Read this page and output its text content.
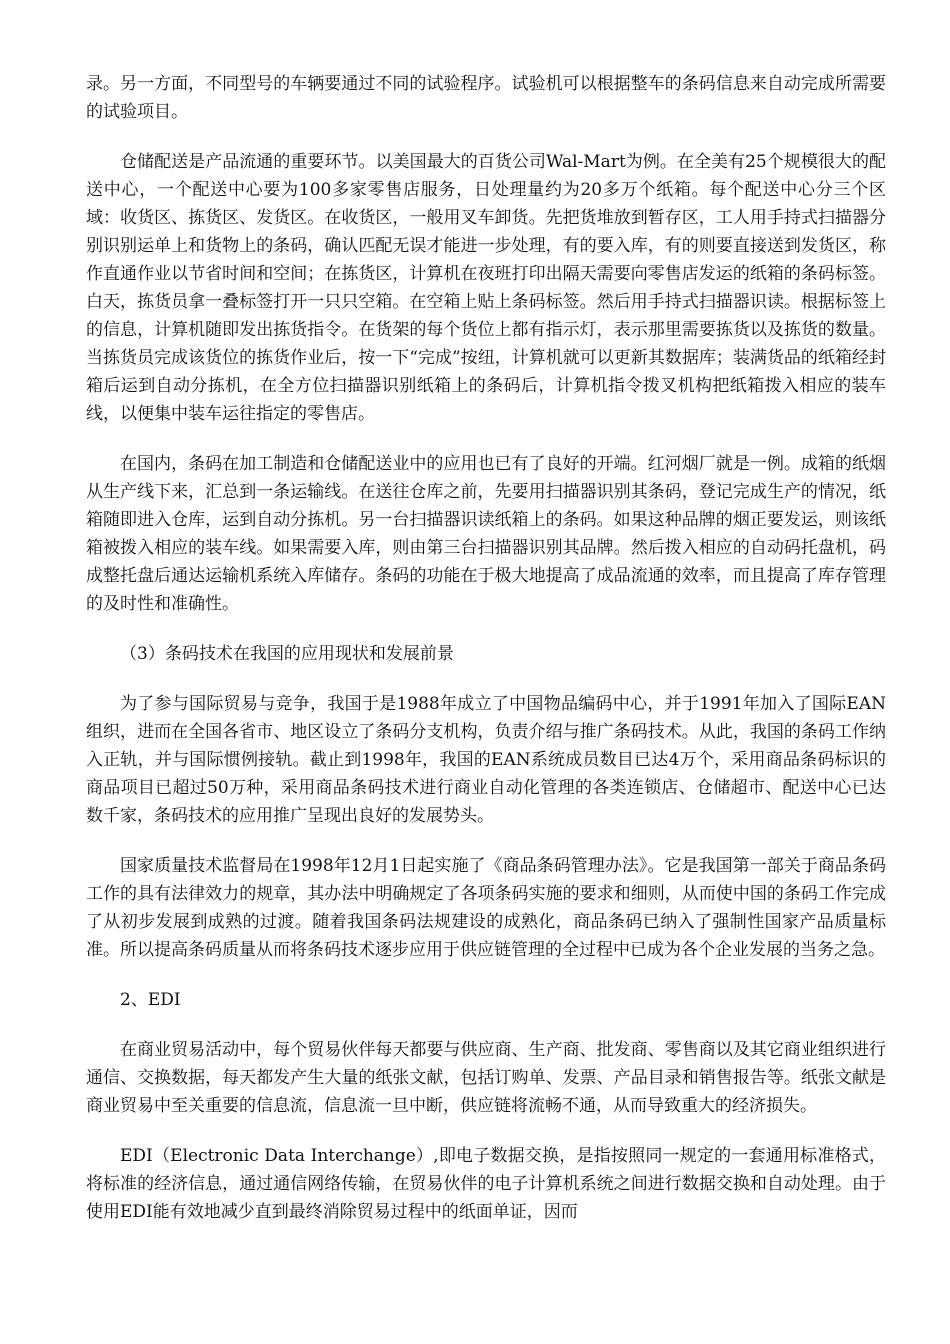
录。另一方面，不同型号的车辆要通过不同的试验程序。试验机可以根据整车的条码信息来自动完成所需要的试验项目。

仓储配送是产品流通的重要环节。以美国最大的百货公司Wal-Mart为例。在全美有25个规模很大的配送中心，一个配送中心要为100多家零售店服务，日处理量约为20多万个纸箱。每个配送中心分三个区域：收货区、拣货区、发货区。在收货区，一般用叉车卸货。先把货堆放到暂存区，工人用手持式扫描器分别识别运单上和货物上的条码，确认匹配无误才能进一步处理，有的要入库，有的则要直接送到发货区，称作直通作业以节省时间和空间；在拣货区，计算机在夜班打印出隔天需要向零售店发运的纸箱的条码标签。白天，拣货员拿一叠标签打开一只只空箱。在空箱上贴上条码标签。然后用手持式扫描器识读。根据标签上的信息，计算机随即发出拣货指令。在货架的每个货位上都有指示灯，表示那里需要拣货以及拣货的数量。当拣货员完成该货位的拣货作业后，按一下“完成”按纽，计算机就可以更新其数据库；装满货品的纸箱经封箱后运到自动分拣机，在全方位扫描器识别纸箱上的条码后，计算机指令拨叉机构把纸箱拨入相应的装车线，以便集中装车运往指定的零售店。

在国内，条码在加工制造和仓储配送业中的应用也已有了良好的开端。红河烟厂就是一例。成箱的纸烟从生产线下来，汇总到一条运输线。在送往仓库之前，先要用扫描器识别其条码，登记完成生产的情况，纸箱随即进入仓库，运到自动分拣机。另一台扫描器识读纸箱上的条码。如果这种品牌的烟正要发运，则该纸箱被拨入相应的装车线。如果需要入库，则由第三台扫描器识别其品牌。然后拨入相应的自动码托盘机，码成整托盘后通达运输机系统入库储存。条码的功能在于极大地提高了成品流通的效率，而且提高了库存管理的及时性和准确性。

（3）条码技术在我国的应用现状和发展前景

为了参与国际贸易与竞争，我国于是1988年成立了中国物品编码中心，并于1991年加入了国际EAN组织，进而在全国各省市、地区设立了条码分支机构，负责介绍与推广条码技术。从此，我国的条码工作纳入正轨，并与国际惯例接轨。截止到1998年，我国的EAN系统成员数目已达4万个，采用商品条码标识的商品项目已超过50万种，采用商品条码技术进行商业自动化管理的各类连锁店、仓储超市、配送中心已达数千家，条码技术的应用推广呈现出良好的发展势头。

国家质量技术监督局在1998年12月1日起实施了《商品条码管理办法》。它是我国第一部关于商品条码工作的具有法律效力的规章，其办法中明确规定了各项条码实施的要求和细则，从而使中国的条码工作完成了从初步发展到成熟的过渡。随着我国条码法规建设的成熟化，商品条码已纳入了强制性国家产品质量标准。所以提高条码质量从而将条码技术逐步应用于供应链管理的全过程中已成为各个企业发展的当务之急。

2、EDI

在商业贸易活动中，每个贸易伙伴每天都要与供应商、生产商、批发商、零售商以及其它商业组织进行通信、交换数据，每天都发产生大量的纸张文献，包括订购单、发票、产品目录和销售报告等。纸张文献是商业贸易中至关重要的信息流，信息流一旦中断，供应链将流畅不通，从而导致重大的经济损失。

EDI（Electronic Data Interchange）,即电子数据交换，是指按照同一规定的一套通用标准格式，将标准的经济信息，通过通信网络传输，在贸易伙伴的电子计算机系统之间进行数据交换和自动处理。由于使用EDI能有效地减少直到最终消除贸易过程中的纸面单证，因而
